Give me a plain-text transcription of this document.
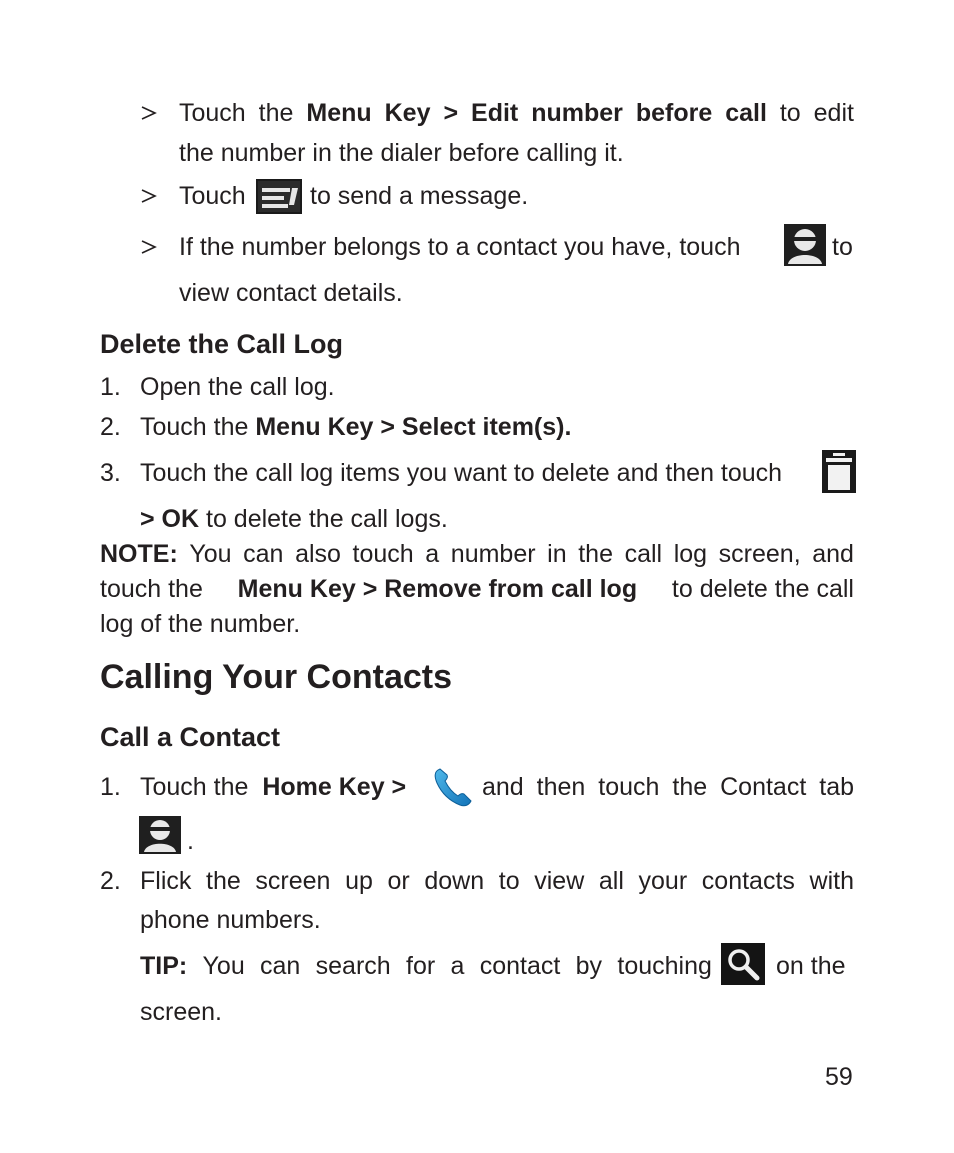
Touch the Menu Key > Edit number before call to edit
the number in the dialer before calling it.
Touch	to send a message.
If the number belongs to a contact you have, touch	to
view contact details.
Delete the Call Log
1. Open the call log.
2. Touch the Menu Key > Select item(s).
3. Touch the call log items you want to delete and then touch
> OK to delete the call logs.
NOTE: You can also touch a number in the call log screen, and
touch the Menu Key > Remove from call log to delete the call
log of the number.
Calling Your Contacts
Call a Contact
1. Touch the Home Key >	and then touch the Contact tab
.
2. Flick the screen up or down to view all your contacts with
phone numbers.
TIP: You can search for a contact by touching	on the
screen.
59
